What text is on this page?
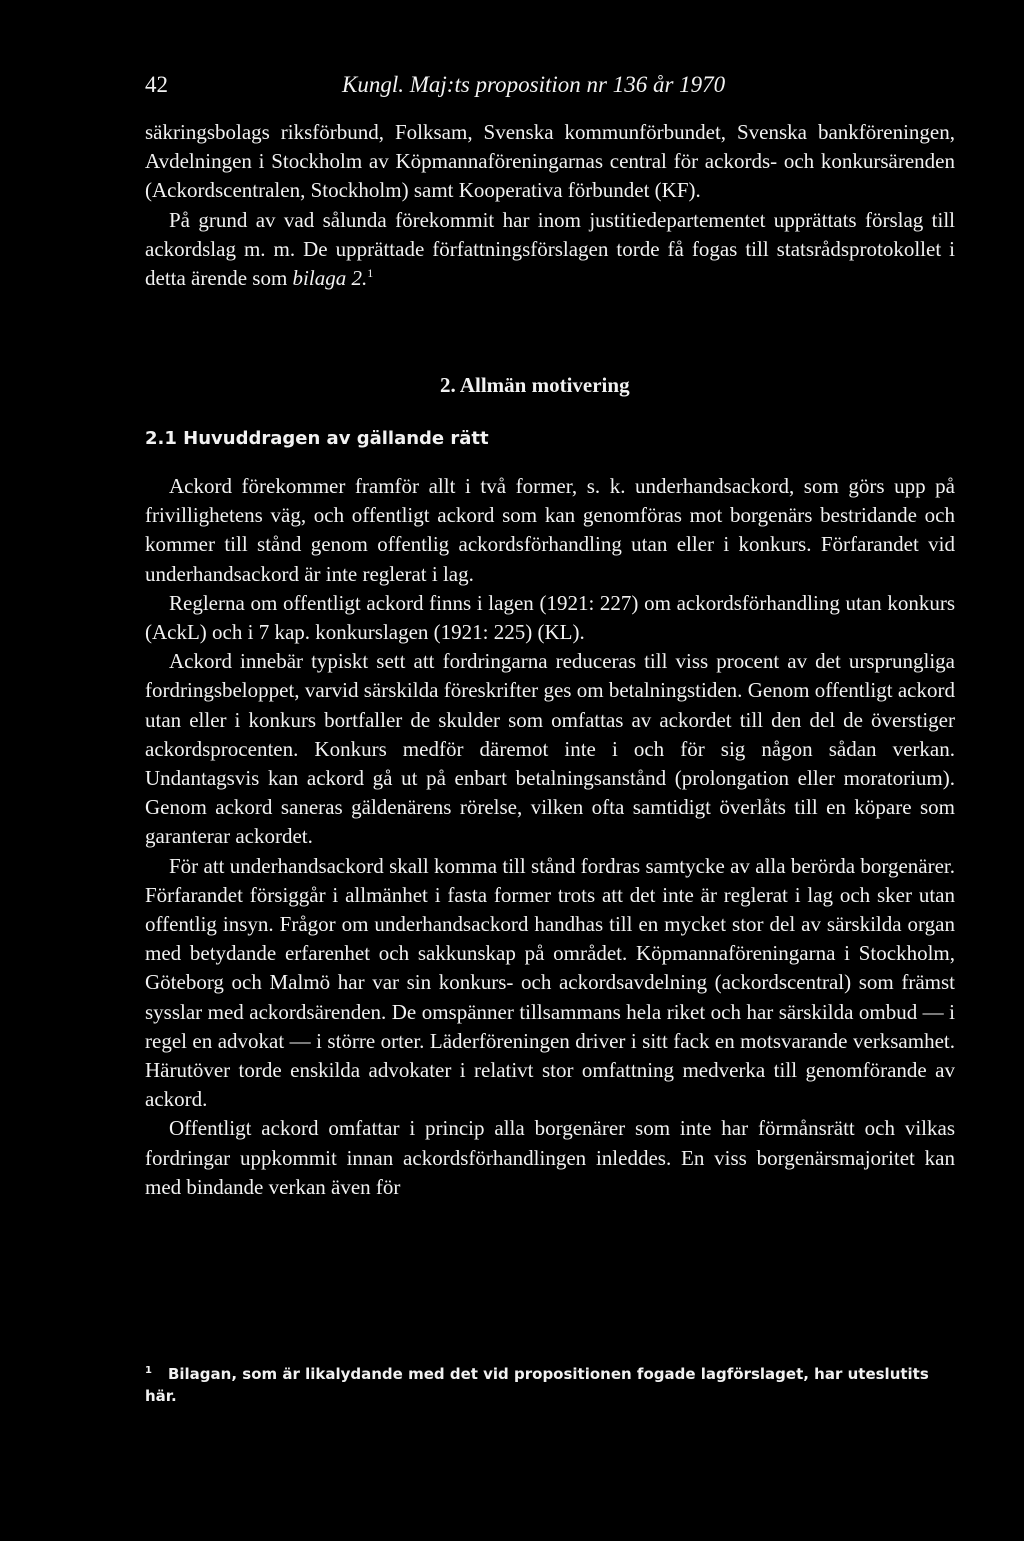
42	Kungl. Maj:ts proposition nr 136 år 1970

säkringsbolags riksförbund, Folksam, Svenska kommunförbundet, Svenska bankföreningen, Avdelningen i Stockholm av Köpmannaföreningarnas central för ackords- och konkursärenden (Ackordscentralen, Stockholm) samt Kooperativa förbundet (KF).

På grund av vad sålunda förekommit har inom justitiedepartementet upprättats förslag till ackordslag m. m. De upprättade författningsförslagen torde få fogas till statsrådsprotokollet i detta ärende som bilaga 2.$^1$

2. Allmän motivering
2.1 Huvuddragen av gällande rätt

Ackord förekommer framför allt i två former, s. k. underhandsackord, som görs upp på frivillighetens väg, och offentligt ackord som kan genomföras mot borgenärs bestridande och kommer till stånd genom offentlig ackordsförhandling utan eller i konkurs. Förfarandet vid underhandsackord är inte reglerat i lag.

Reglerna om offentligt ackord finns i lagen (1921: 227) om ackordsförhandling utan konkurs (AckL) och i 7 kap. konkurslagen (1921: 225) (KL).

Ackord innebär typiskt sett att fordringarna reduceras till viss procent av det ursprungliga fordringsbeloppet, varvid särskilda föreskrifter ges om betalningstiden. Genom offentligt ackord utan eller i konkurs bortfaller de skulder som omfattas av ackordet till den del de överstiger ackordsprocenten. Konkurs medför däremot inte i och för sig någon sådan verkan. Undantagsvis kan ackord gå ut på enbart betalningsanstånd (prolongation eller moratorium). Genom ackord saneras gäldenärens rörelse, vilken ofta samtidigt överlåts till en köpare som garanterar ackordet.

För att underhandsackord skall komma till stånd fordras samtycke av alla berörda borgenärer. Förfarandet försiggår i allmänhet i fasta former trots att det inte är reglerat i lag och sker utan offentlig insyn. Frågor om underhandsackord handhas till en mycket stor del av särskilda organ med betydande erfarenhet och sakkunskap på området. Köpmannaföreningarna i Stockholm, Göteborg och Malmö har var sin konkurs- och ackordsavdelning (ackordscentral) som främst sysslar med ackordsärenden. De omspänner tillsammans hela riket och har särskilda ombud — i regel en advokat — i större orter. Läderföreningen driver i sitt fack en motsvarande verksamhet. Härutöver torde enskilda advokater i relativt stor omfattning medverka till genomförande av ackord.

Offentligt ackord omfattar i princip alla borgenärer som inte har förmånsrätt och vilkas fordringar uppkommit innan ackordsförhandlingen inleddes. En viss borgenärsmajoritet kan med bindande verkan även för

$^1$ Bilagan, som är likalydande med det vid propositionen fogade lagförslaget, har uteslutits här.
